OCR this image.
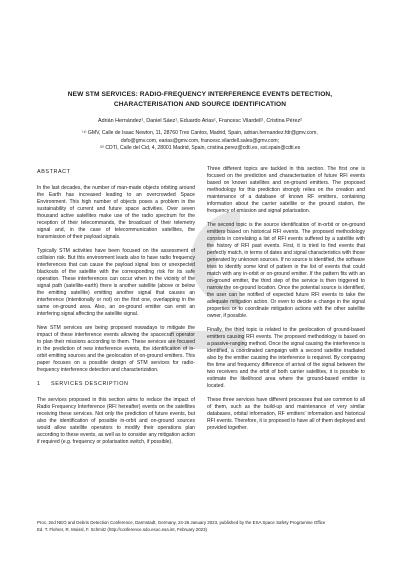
NEW STM SERVICES: RADIO-FREQUENCY INTERFERENCE EVENTS DETECTION,
CHARACTERISATION AND SOURCE IDENTIFICATION
Adrián Hernández¹, Daniel Sáez¹, Eduardo Arias¹, Francesc Vilardell¹, Cristina Pérez²
⁽¹⁾ GMV, Calle de Isaac Newton, 11, 28760 Tres Cantos, Madrid, Spain, adrian.hernandez.fdr@gmv.com,
dsfo@gmv.com, earias@gmv.com, francesc.vilardell.sales@gmv.com;
⁽²⁾ CDTI, Calle del Cid, 4, 28001 Madrid, Spain, cristina.perez@cdti.es, sst.spain@cdti.es
ABSTRACT

In the last decades, the number of man-made objects orbiting around the Earth has increased leading to an overcrowded Space Environment. This high number of objects poses a problem in the sustainability of current and future space activities. Over seven thousand active satellites make use of the radio spectrum for the reception of their telecommands, the broadcast of their telemetry signal and, in the case of telecommunication satellites, the transmission of their payload signals.

Typically STM activities have been focused on the assessment of collision risk. But this environment leads also to have radio frequency interferences that can cause the payload signal loss or unexpected blackouts of the satellite with the corresponding risk for its safe operation. These interferences can occur when in the vicinity of the signal path (satellite-earth) there is another satellite (above or below the emitting satellite) emitting another signal that causes an interference (intentionally or not) on the first one, overlapping in the same on-ground area. Also, an on-ground emitter can emit an interfering signal affecting the satellite signal.

New STM services are being proposed nowadays to mitigate the impact of these interference events allowing the spacecraft operator to plan their missions according to them. These services are focused in the prediction of new interference events, the identification of in-orbit emitting sources and the geolocation of on-ground emitters. This paper focuses on a possible design of STM services for radio-frequency interference detection and characterization.

1 SERVICES DESCRIPTION

The services proposed in this section aims to reduce the impact of Radio Frequency Interference (RFI hereafter) events on the satellites receiving these services. Not only the prediction of future events, but also the identification of possible in-orbit and on-ground sources would allow satellite operators to modify their operations plan according to these events, as well as to consider any mitigation action if required (e.g. frequency or polarisation switch, if possible).

Three different topics are tackled in this section. The first one is focused on the prediction and characterisation of future RFI events based on known satellites and on-ground emitters. The proposed methodology for this prediction strongly relies on the creation and maintenance of a database of known RF emitters, containing information about the carrier satellite or the ground station, the frequency of emission and signal polarisation.

The second topic is the source identification of in-orbit or on-ground emitters based on historical RFI events. The proposed methodology consists in correlating a list of RFI events suffered by a satellite with the history of RFI past events. First, it is tried to find events that perfectly match, in terms of dates and signal characteristics with those generated by unknown sources. If no source is identified, the software tries to identify some kind of pattern in the list of events that could match with any in-orbit or on-ground emitter. If the pattern fits with an on-ground emitter, the third step of the service is then triggered to narrow the on-ground location. Once the potential source is identified, the user can be notified of expected future RFI events to take the adequate mitigation action. Or even to decide a change in the signal properties or to coordinate mitigation actions with the other satellite owner, if possible.

Finally, the third topic is related to the geolocation of ground-based emitters causing RFI events. The proposed methodology is based on a passive-ranging method. Once the signal causing the interference is identified, a coordinated campaign with a second satellite irradiated also by the emitter causing the interference is required. By comparing the time and frequency difference of arrival of the signal between the two receivers and the orbit of both carrier satellites, it is possible to estimate the likelihood area where the ground-based emitter is located.

These three services have different processes that are common to all of them, such as the build-up and maintenance of very similar databases, orbital information, RF emitters' information and historical RFI events. Therefore, it is proposed to have all of them deployed and provided together.

Proc. 2nd NEO and Debris Detection Conference, Darmstadt, Germany, 24-26 January 2023, published by the ESA Space Safety Programme Office
Ed. T. Flohrer, R. Moissl, F. Schmitz (http://conference.sdo.esoc.esa.int, February 2023)
